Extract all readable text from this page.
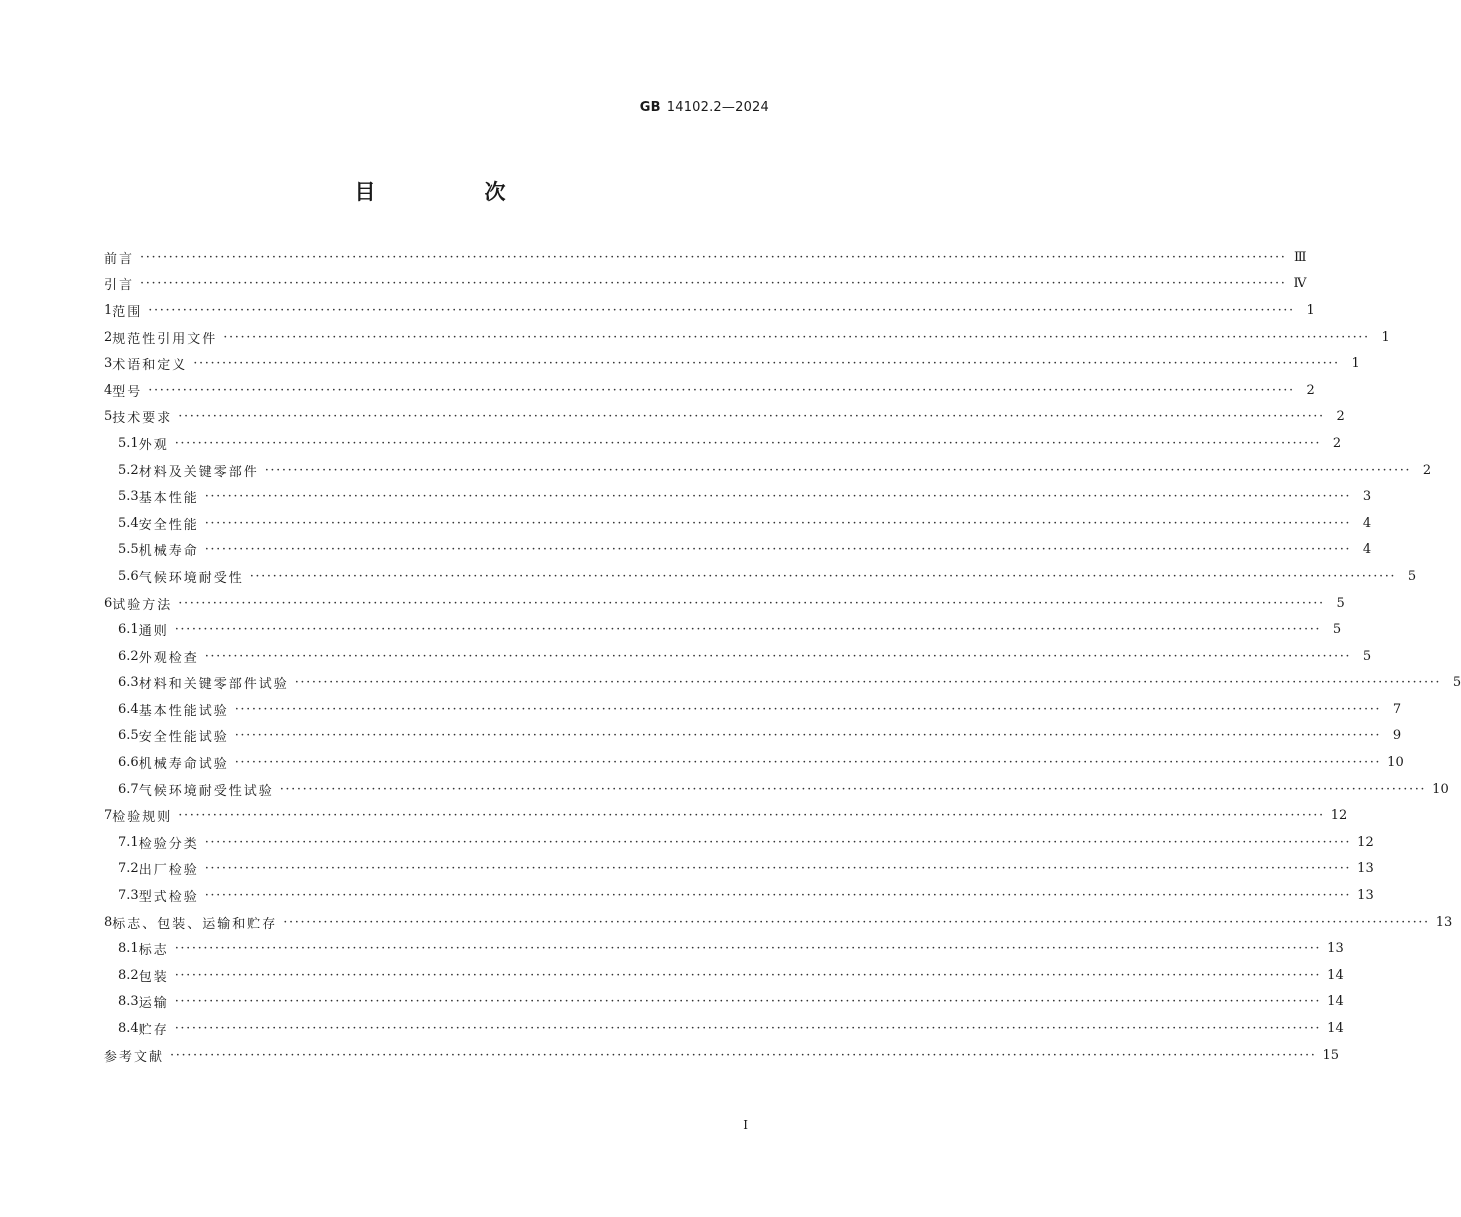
GB 14102.2—2024
目　次
前言 ········································································································································································································ Ⅲ
引言 ········································································································································································································ Ⅳ
1 范围 ········································································································································································································ 1
2 规范性引用文件 ········································································································································································································ 1
3 术语和定义 ········································································································································································································ 1
4 型号 ········································································································································································································ 2
5 技术要求 ········································································································································································································ 2
5.1 外观 ········································································································································································································ 2
5.2 材料及关键零部件 ········································································································································································································ 2
5.3 基本性能 ········································································································································································································ 3
5.4 安全性能 ········································································································································································································ 4
5.5 机械寿命 ········································································································································································································ 4
5.6 气候环境耐受性 ········································································································································································································ 5
6 试验方法 ········································································································································································································ 5
6.1 通则 ········································································································································································································ 5
6.2 外观检查 ········································································································································································································ 5
6.3 材料和关键零部件试验 ········································································································································································································ 5
6.4 基本性能试验 ········································································································································································································ 7
6.5 安全性能试验 ········································································································································································································ 9
6.6 机械寿命试验 ········································································································································································································ 10
6.7 气候环境耐受性试验 ········································································································································································································ 10
7 检验规则 ········································································································································································································ 12
7.1 检验分类 ········································································································································································································ 12
7.2 出厂检验 ········································································································································································································ 13
7.3 型式检验 ········································································································································································································ 13
8 标志、包装、运输和贮存 ········································································································································································································ 13
8.1 标志 ········································································································································································································ 13
8.2 包装 ········································································································································································································ 14
8.3 运输 ········································································································································································································ 14
8.4 贮存 ········································································································································································································ 14
参考文献 ········································································································································································································ 15
Ⅰ
